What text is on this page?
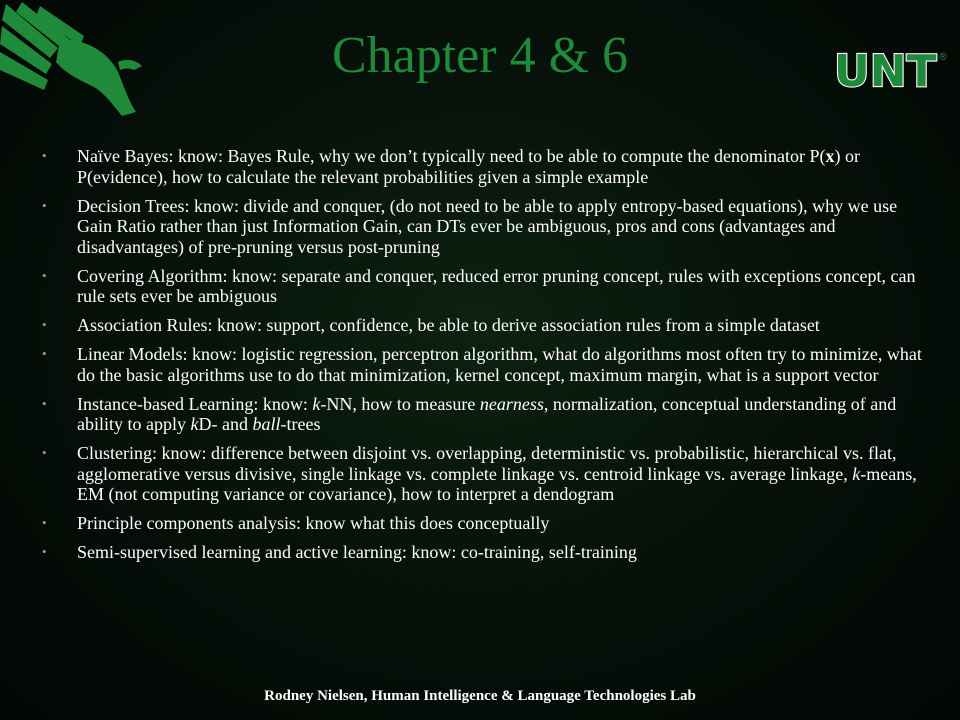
UNT ®
Chapter 4 & 6
• Naïve Bayes: know: Bayes Rule, why we don’t typically need to be able to compute the denominator P(x) or P(evidence), how to calculate the relevant probabilities given a simple example
• Decision Trees: know: divide and conquer, (do not need to be able to apply entropy-based equations), why we use Gain Ratio rather than just Information Gain, can DTs ever be ambiguous, pros and cons (advantages and disadvantages) of pre-pruning versus post-pruning
• Covering Algorithm: know: separate and conquer, reduced error pruning concept, rules with exceptions concept, can rule sets ever be ambiguous
• Association Rules: know: support, confidence, be able to derive association rules from a simple dataset
• Linear Models: know: logistic regression, perceptron algorithm, what do algorithms most often try to minimize, what do the basic algorithms use to do that minimization, kernel concept, maximum margin, what is a support vector
• Instance-based Learning: know: k-NN, how to measure nearness, normalization, conceptual understanding of and ability to apply kD- and ball-trees
• Clustering: know: difference between disjoint vs. overlapping, deterministic vs. probabilistic, hierarchical vs. flat, agglomerative versus divisive, single linkage vs. complete linkage vs. centroid linkage vs. average linkage, k-means, EM (not computing variance or covariance), how to interpret a dendogram
• Principle components analysis: know what this does conceptually
• Semi-supervised learning and active learning: know: co-training, self-training
Rodney Nielsen, Human Intelligence & Language Technologies Lab
